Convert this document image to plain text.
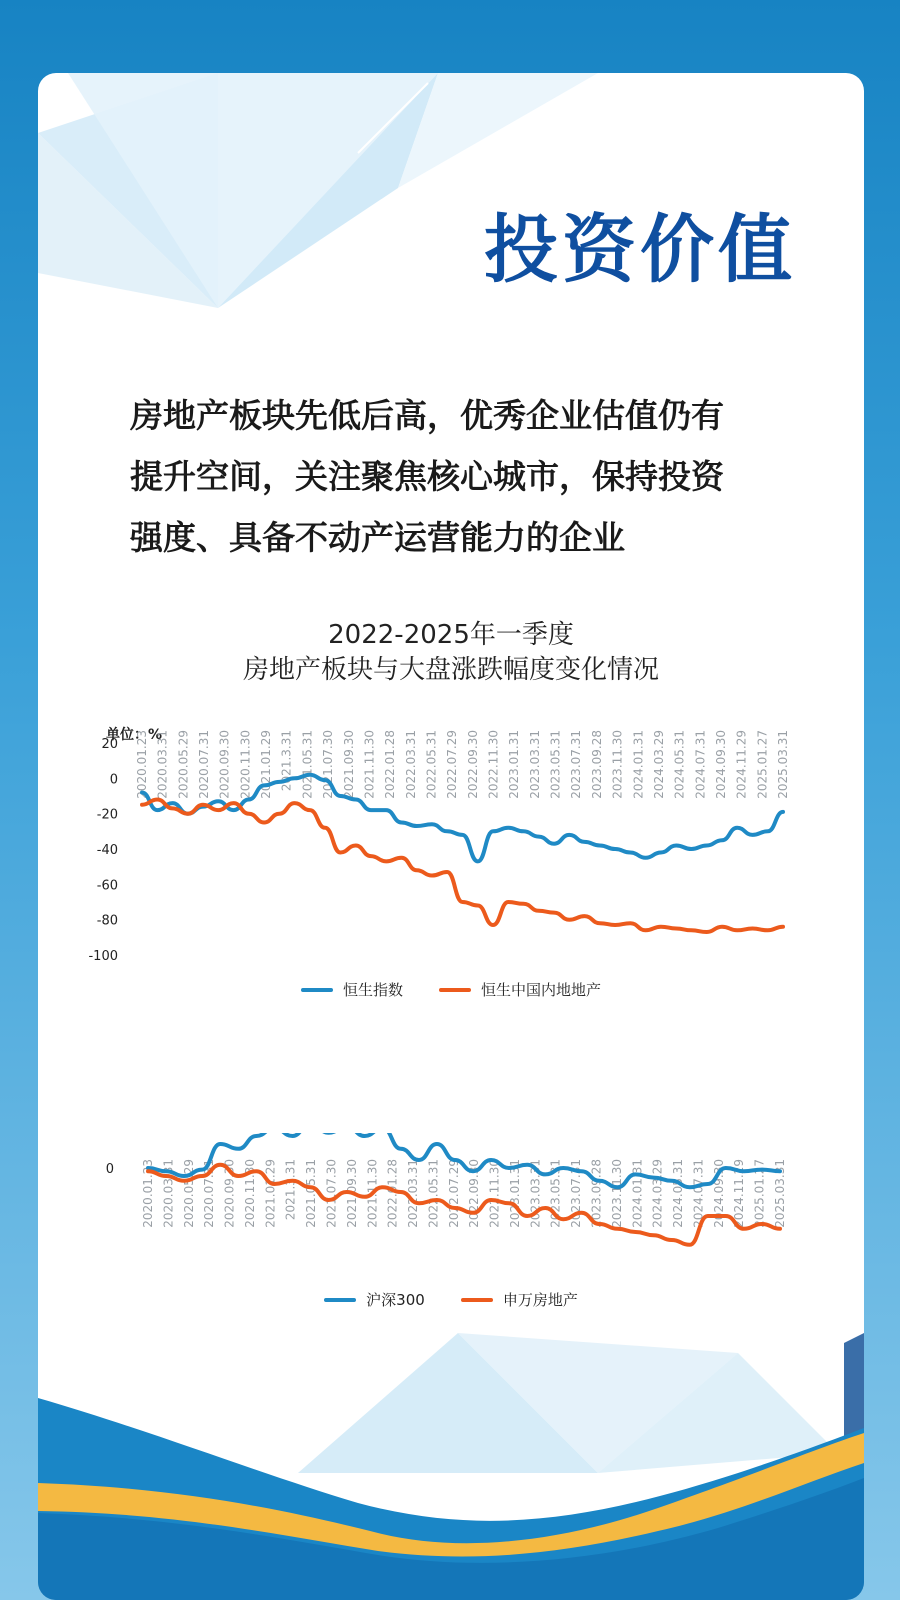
投资价值
房地产板块先低后高，优秀企业估值仍有
提升空间，关注聚焦核心城市，保持投资
强度、具备不动产运营能力的企业
2022-2025年一季度
房地产板块与大盘涨跌幅度变化情况
单位：%
20
0
-20
-40
-60
-80
-100
2020.01.23 2020.03.31 2020.05.29 2020.07.31 2020.09.30 2020.11.30 2021.01.29 2021.3.31 2021.05.31 2021.07.30 2021.09.30 2021.11.30 2022.01.28 2022.03.31 2022.05.31 2022.07.29 2022.09.30 2022.11.30 2023.01.31 2023.03.31 2023.05.31 2023.07.31 2023.09.28 2023.11.30 2024.01.31 2024.03.29 2024.05.31 2024.07.31 2024.09.30 2024.11.29 2025.01.27 2025.03.31
恒生指数	恒生中国内地地产
0 2020.01.23 2020.03.31 2020.05.29 2020.07.31 2020.09.30 2020.11.30 2021.01.29 2021.3.31 2021.05.31 2021.07.30 2021.09.30 2021.11.30 2022.01.28 2022.03.31 2022.05.31 2022.07.29 2022.09.30 2022.11.30 2023.01.31 2023.03.31 2023.05.31 2023.07.31 2023.09.28 2023.11.30 2024.01.31 2024.03.29 2024.05.31 2024.07.31 2024.09.30 2024.11.29 2025.01.27 2025.03.31
沪深300	申万房地产
